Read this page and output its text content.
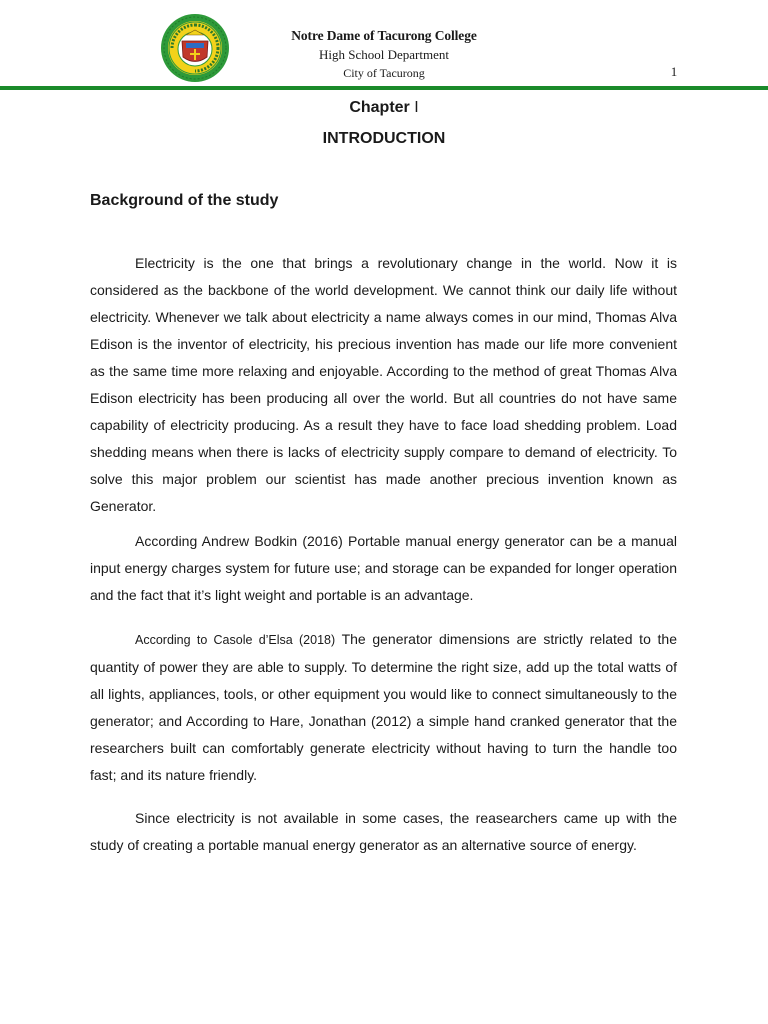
Notre Dame of Tacurong College
High School Department
City of Tacurong	1
Chapter I
INTRODUCTION
Background of the study

Electricity is the one that brings a revolutionary change in the world. Now it is considered as the backbone of the world development. We cannot think our daily life without electricity. Whenever we talk about electricity a name always comes in our mind, Thomas Alva Edison is the inventor of electricity, his precious invention has made our life more convenient as the same time more relaxing and enjoyable. According to the method of great Thomas Alva Edison electricity has been producing all over the world. But all countries do not have same capability of electricity producing. As a result they have to face load shedding problem. Load shedding means when there is lacks of electricity supply compare to demand of electricity. To solve this major problem our scientist has made another precious invention known as Generator.

According Andrew Bodkin (2016) Portable manual energy generator can be a manual input energy charges system for future use; and storage can be expanded for longer operation and the fact that it’s light weight and portable is an advantage.

According to Casole d’Elsa (2018) The generator dimensions are strictly related to the quantity of power they are able to supply. To determine the right size, add up the total watts of all lights, appliances, tools, or other equipment you would like to connect simultaneously to the generator; and According to Hare, Jonathan (2012) a simple hand cranked generator that the researchers built can comfortably generate electricity without having to turn the handle too fast; and its nature friendly.

Since electricity is not available in some cases, the reasearchers came up with the study of creating a portable manual energy generator as an alternative source of energy.
